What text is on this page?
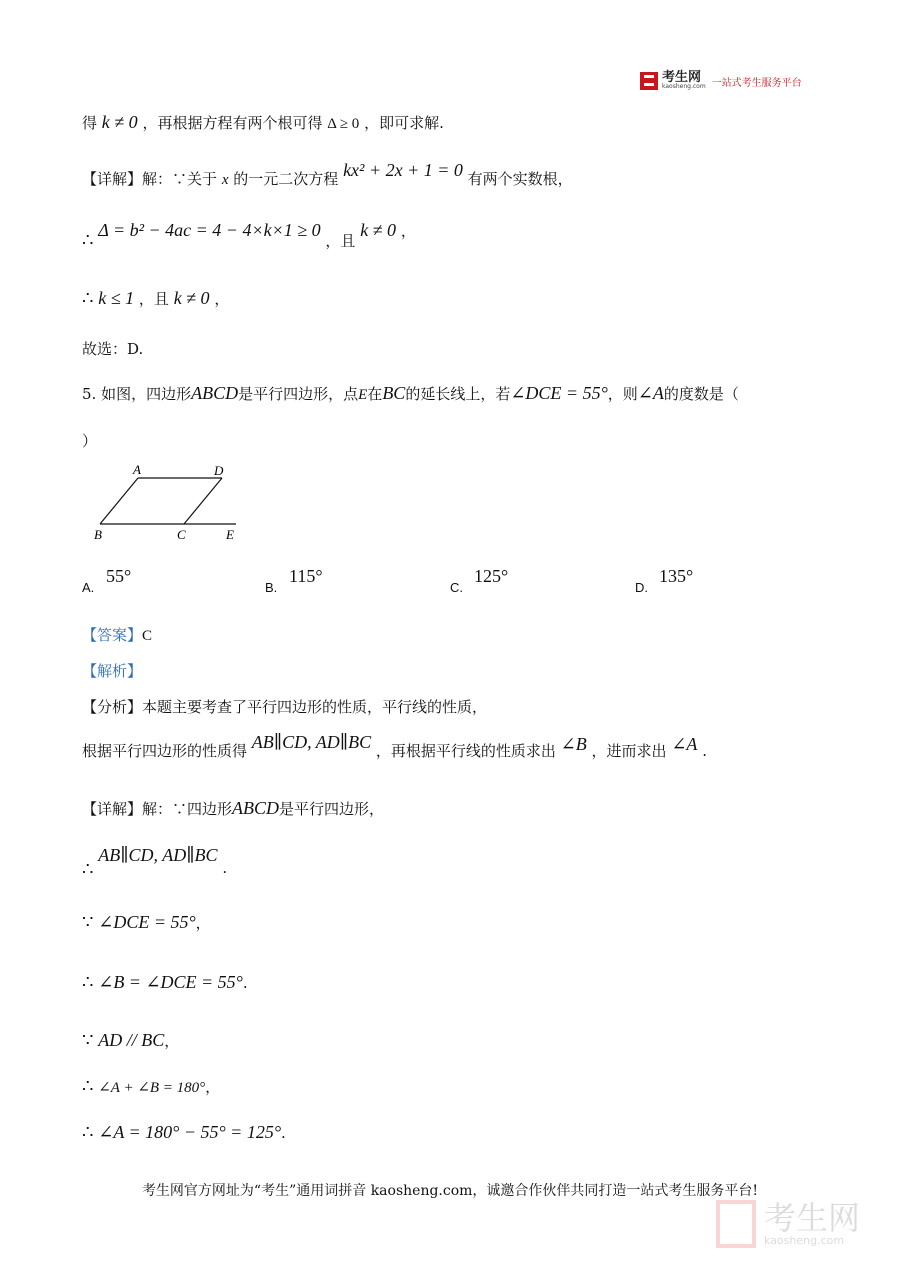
考生网
kaosheng.com 一站式考生服务平台
得 k ≠ 0 ，再根据方程有两个根可得 Δ ≥ 0 ，即可求解.
【详解】解：∵关于 x 的一元二次方程 kx² + 2x + 1 = 0 有两个实数根，
∴ Δ = b² − 4ac = 4 − 4×k×1 ≥ 0 ，且 k ≠ 0 ，
∴ k ≤ 1 ，且 k ≠ 0 ，
故选：D.
5. 如图，四边形ABCD是平行四边形，点E在BC的延长线上，若∠DCE = 55°，则∠A的度数是（
）
A	D
B	C	E
A.
55°
B.
115°
C.
125°
D.
135°
【答案】C
【解析】
【分析】本题主要考查了平行四边形的性质，平行线的性质，
根据平行四边形的性质得 AB∥CD, AD∥BC ，再根据平行线的性质求出 ∠B ，进而求出 ∠A .
【详解】解：∵四边形ABCD是平行四边形，
∴ AB∥CD, AD∥BC .
∵ ∠DCE = 55°，
∴ ∠B = ∠DCE = 55°.
∵ AD // BC，
∴ ∠A + ∠B = 180°，
∴ ∠A = 180° − 55° = 125°.
考生网官方网址为“考生”通用词拼音 kaosheng.com，诚邀合作伙伴共同打造一站式考生服务平台!
考生网
kaosheng.com
